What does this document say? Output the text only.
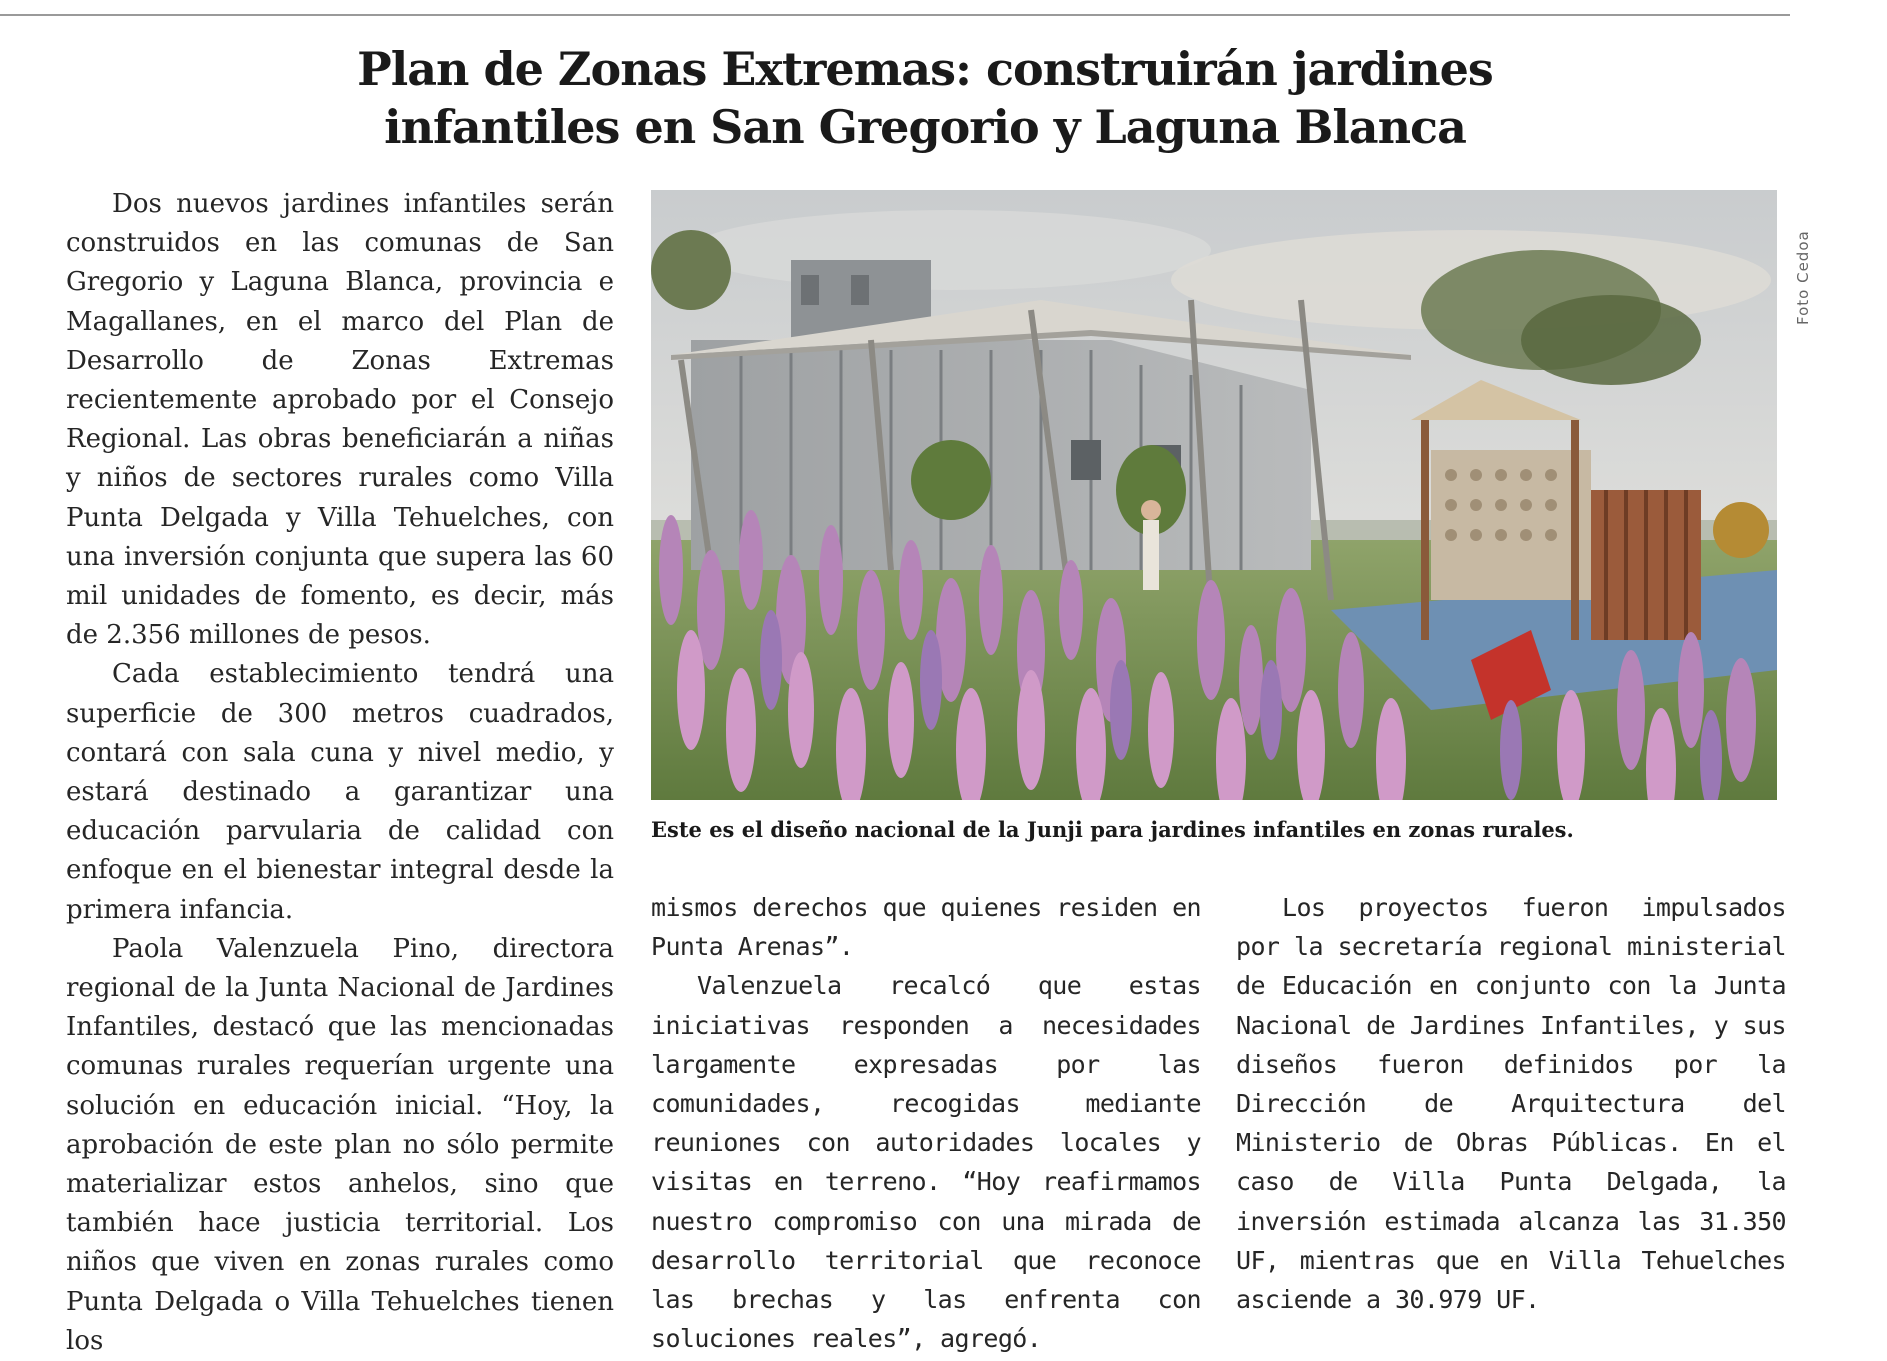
Plan de Zonas Extremas: construirán jardines
infantiles en San Gregorio y Laguna Blanca

Dos nuevos jardines infantiles serán construidos en las comunas de San Gregorio y Laguna Blanca, provincia e Magallanes, en el marco del Plan de Desarrollo de Zonas Extremas recientemente aprobado por el Consejo Regional. Las obras beneficiarán a niñas y niños de sectores rurales como Villa Punta Delgada y Villa Tehuelches, con una inversión conjunta que supera las 60 mil unidades de fomento, es decir, más de 2.356 millones de pesos.

Cada establecimiento tendrá una superficie de 300 metros cuadrados, contará con sala cuna y nivel medio, y estará destinado a garantizar una educación parvularia de calidad con enfoque en el bienestar integral desde la primera infancia.

Paola Valenzuela Pino, directora regional de la Junta Nacional de Jardines Infantiles, destacó que las mencionadas comunas rurales requerían urgente una solución en educación inicial. “Hoy, la aprobación de este plan no sólo permite materializar estos anhelos, sino que también hace justicia territorial. Los niños que viven en zonas rurales como Punta Delgada o Villa Tehuelches tienen los

Foto Cedoa
Este es el diseño nacional de la Junji para jardines infantiles en zonas rurales.

mismos derechos que quienes residen en Punta Arenas”.

Valenzuela recalcó que estas iniciativas responden a necesidades largamente expresadas por las comunidades, recogidas mediante reuniones con autoridades locales y visitas en terreno. “Hoy reafirmamos nuestro compromiso con una mirada de desarrollo territorial que reconoce las brechas y las enfrenta con soluciones reales”, agregó.

Los proyectos fueron impulsados por la secretaría regional ministerial de Educación en conjunto con la Junta Nacional de Jardines Infantiles, y sus diseños fueron definidos por la Dirección de Arquitectura del Ministerio de Obras Públicas. En el caso de Villa Punta Delgada, la inversión estimada alcanza las 31.350 UF, mientras que en Villa Tehuelches asciende a 30.979 UF.
